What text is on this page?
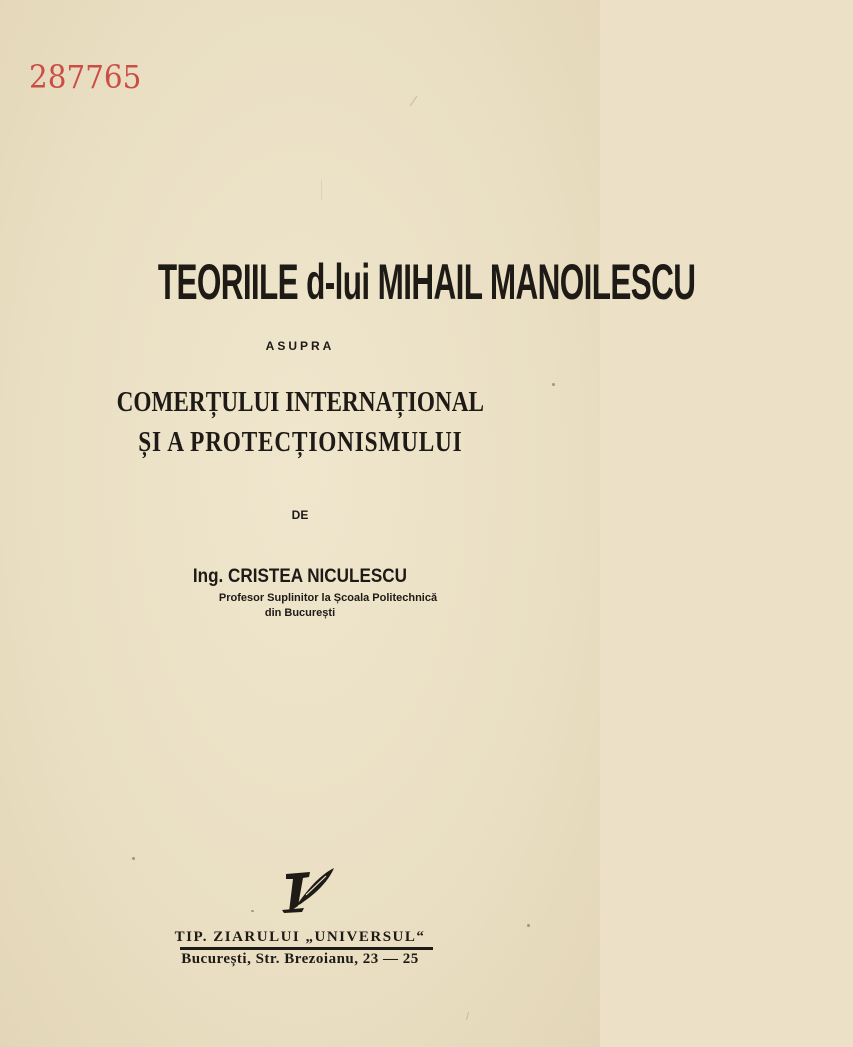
287765
TEORIILE d-lui MIHAIL MANOILESCU
ASUPRA
COMERȚULUI INTERNAȚIONAL
ȘI A PROTECȚIONISMULUI
DE
Ing. CRISTEA NICULESCU
Profesor Suplinitor la Școala Politechnică
din București
TIP. ZIARULUI „UNIVERSUL“
București, Str. Brezoianu, 23 — 25
